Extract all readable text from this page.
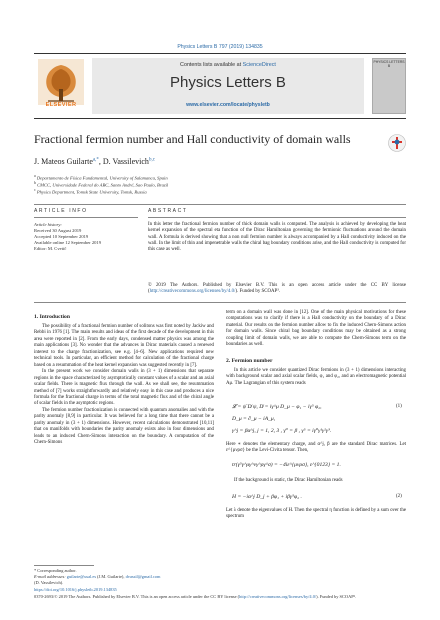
Physics Letters B 797 (2019) 134835
ELSEVIER
Contents lists available at ScienceDirect
Physics Letters B
www.elsevier.com/locate/physletb
PHYSICS LETTERS B
Fractional fermion number and Hall conductivity of domain walls
J. Mateos Guilarte$^{a,*}$, D. Vassilevich$^{b,c}$
$^a$ Departamento de Física Fundamental, University of Salamanca, Spain
$^b$ CMCC, Universidade Federal do ABC, Santo André, Sao Paulo, Brazil
$^c$ Physics Department, Tomsk State University, Tomsk, Russia
ARTICLE INFO	ABSTRACT
Article history:
Received 30 August 2019
Accepted 10 September 2019
Available online 12 September 2019
Editor: M. Cvetič
In this letter the fractional fermion number of thick domain walls is computed. The analysis is achieved by developing the heat kernel expansion of the spectral eta function of the Dirac Hamiltonian governing the fermionic fluctuations around the domain wall. A formula is derived showing that a non null fermion number is always accompanied by a Hall conductivity induced on the wall. In the limit of thin and impenetrable walls the chiral bag boundary conditions arise, and the Hall conductivity is computed for this case as well.
© 2019 The Authors. Published by Elsevier B.V. This is an open access article under the CC BY license (http://creativecommons.org/licenses/by/4.0/). Funded by SCOAP³.
1. Introduction

The possibility of a fractional fermion number of solitons was first noted by Jackiw and Rebbi in 1976 [1]. The main results and ideas of the first decade of the development in this area were reported in [2]. From the early days, condensed matter physics was among the main applications [3]. No wonder that the advances in Dirac materials caused a renewed interest to the charge fractionization, see e.g. [4–6]. New applications required new technical tools. In particular, an efficient method for calculation of the fractional charge based on a resummation of the heat kernel expansion was suggested recently in [7].

In the present work we consider domain walls in (3 + 1) dimensions that separate regions in the space characterized by asymptotically constant values of a scalar and an axial scalar fields. There is magnetic flux through the wall. As we shall see, the resummation method of [7] works straightforwardly and relatively easy in this case and produces a nice formula for the fractional charge in terms of the total magnetic flux and of the chiral angle of scalar fields in the asymptotic regions.

The fermion number fractionization is connected with quantum anomalies and with the parity anomaly [8,9] in particular. It was believed for a long time that there cannot be a parity anomaly in (3 + 1) dimensions. However, recent calculations demonstrated [10,11] that on manifolds with boundaries the parity anomaly exists also in four dimensions and leads to an induced Chern-Simons interaction on the boundary. A computation of the Chern-Simons

term on a domain wall was done in [12]. One of the main physical motivations for these computations was to clarify if there is a Hall conductivity on the boundary of a Dirac material. Our results on the fermion number allow to fix the induced Chern-Simons action for domain walls. Since chiral bag boundary conditions may be obtained as a strong coupling limit of domain walls, we are able to compute the Chern-Simons term on the boundaries as well.
2. Fermion number

In this article we consider quantized Dirac fermions in (3 + 1) dimensions interacting with background scalar and axial scalar fields, φ₁ and φ₂, and an electromagnetic potential Aμ. The Lagrangian of this system reads

𝓛 = ψ̄ D̸ ψ, D̸ = iγ^μ D_μ − φ₁ − iγ⁵ φ₂,	(1)
D_μ = ∂_μ − iA_μ,
γ^j = βα^j, j = 1, 2, 3 , γ⁰ = β , γ⁵ = iγ⁰γ¹γ²γ³.
Here ∗ denotes the elementary charge, and α^j, β are the standard Dirac matrices. Let ε^{μνρσ} be the Levi-Civita tensor. Then,
tr(γ⁵γ^μγ^νγ^ργ^σ) = −4iε^{μνρσ}, ε^{0123} = 1.
If the background is static, the Dirac Hamiltonian reads
H = −iα^j D_j + βφ₁ + iβγ⁵φ₂ .	(2)
Let λ denote the eigenvalues of H. Then the spectral η function is defined by a sum over the spectrum
* Corresponding author.
E-mail addresses: guilarte@usal.es (J.M. Guilarte), dvassil@gmail.com
(D. Vassilevich).
https://doi.org/10.1016/j.physletb.2019.134835
0370-2693/© 2019 The Authors. Published by Elsevier B.V. This is an open access article under the CC BY license (http://creativecommons.org/licenses/by/4.0/). Funded by SCOAP³.
